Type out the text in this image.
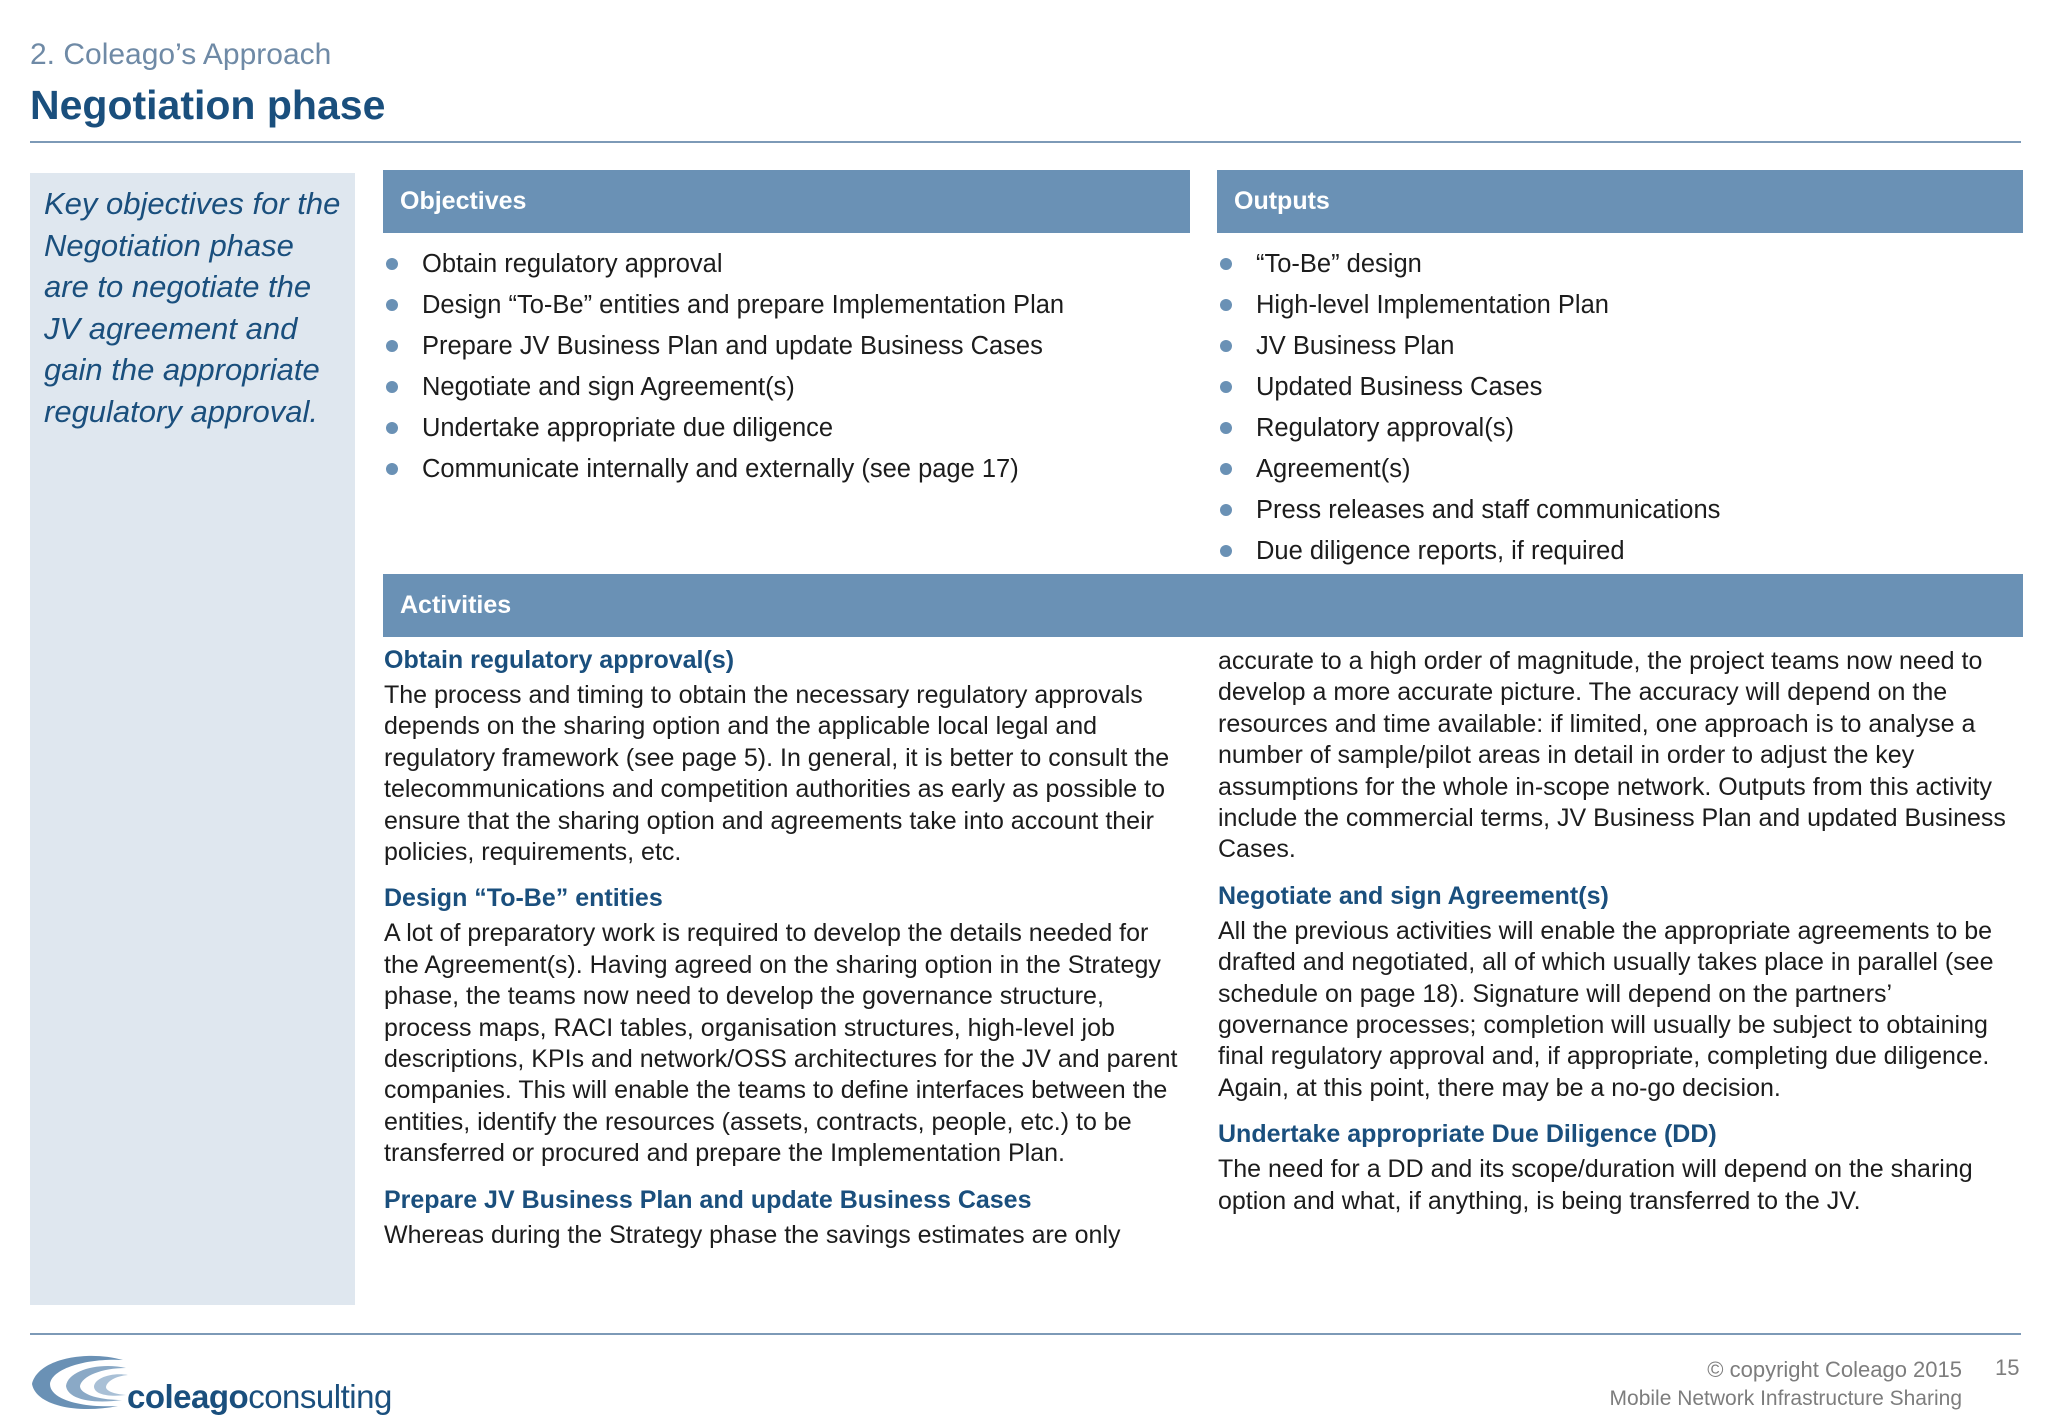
2. Coleago’s Approach
Negotiation phase
Key objectives for the Negotiation phase are to negotiate the JV agreement and gain the appropriate regulatory approval.
Objectives
Obtain regulatory approval
Design “To-Be” entities and prepare Implementation Plan
Prepare JV Business Plan and update Business Cases
Negotiate and sign Agreement(s)
Undertake appropriate due diligence
Communicate internally and externally (see page 17)
Outputs
“To-Be” design
High-level Implementation Plan
JV Business Plan
Updated Business Cases
Regulatory approval(s)
Agreement(s)
Press releases and staff communications
Due diligence reports, if required
Activities
Obtain regulatory approval(s)

The process and timing to obtain the necessary regulatory approvals depends on the sharing option and the applicable local legal and regulatory framework (see page 5). In general, it is better to consult the telecommunications and competition authorities as early as possible to ensure that the sharing option and agreements take into account their policies, requirements, etc.

Design “To-Be” entities

A lot of preparatory work is required to develop the details needed for the Agreement(s). Having agreed on the sharing option in the Strategy phase, the teams now need to develop the governance structure, process maps, RACI tables, organisation structures, high-level job descriptions, KPIs and network/OSS architectures for the JV and parent companies. This will enable the teams to define interfaces between the entities, identify the resources (assets, contracts, people, etc.) to be transferred or procured and prepare the Implementation Plan.

Prepare JV Business Plan and update Business Cases

Whereas during the Strategy phase the savings estimates are only

accurate to a high order of magnitude, the project teams now need to develop a more accurate picture. The accuracy will depend on the resources and time available: if limited, one approach is to analyse a number of sample/pilot areas in detail in order to adjust the key assumptions for the whole in-scope network. Outputs from this activity include the commercial terms, JV Business Plan and updated Business Cases.

Negotiate and sign Agreement(s)

All the previous activities will enable the appropriate agreements to be drafted and negotiated, all of which usually takes place in parallel (see schedule on page 18). Signature will depend on the partners’ governance processes; completion will usually be subject to obtaining final regulatory approval and, if appropriate, completing due diligence. Again, at this point, there may be a no-go decision.

Undertake appropriate Due Diligence (DD)

The need for a DD and its scope/duration will depend on the sharing option and what, if anything, is being transferred to the JV.

coleagoconsulting
© copyright Coleago 2015 15
Mobile Network Infrastructure Sharing
